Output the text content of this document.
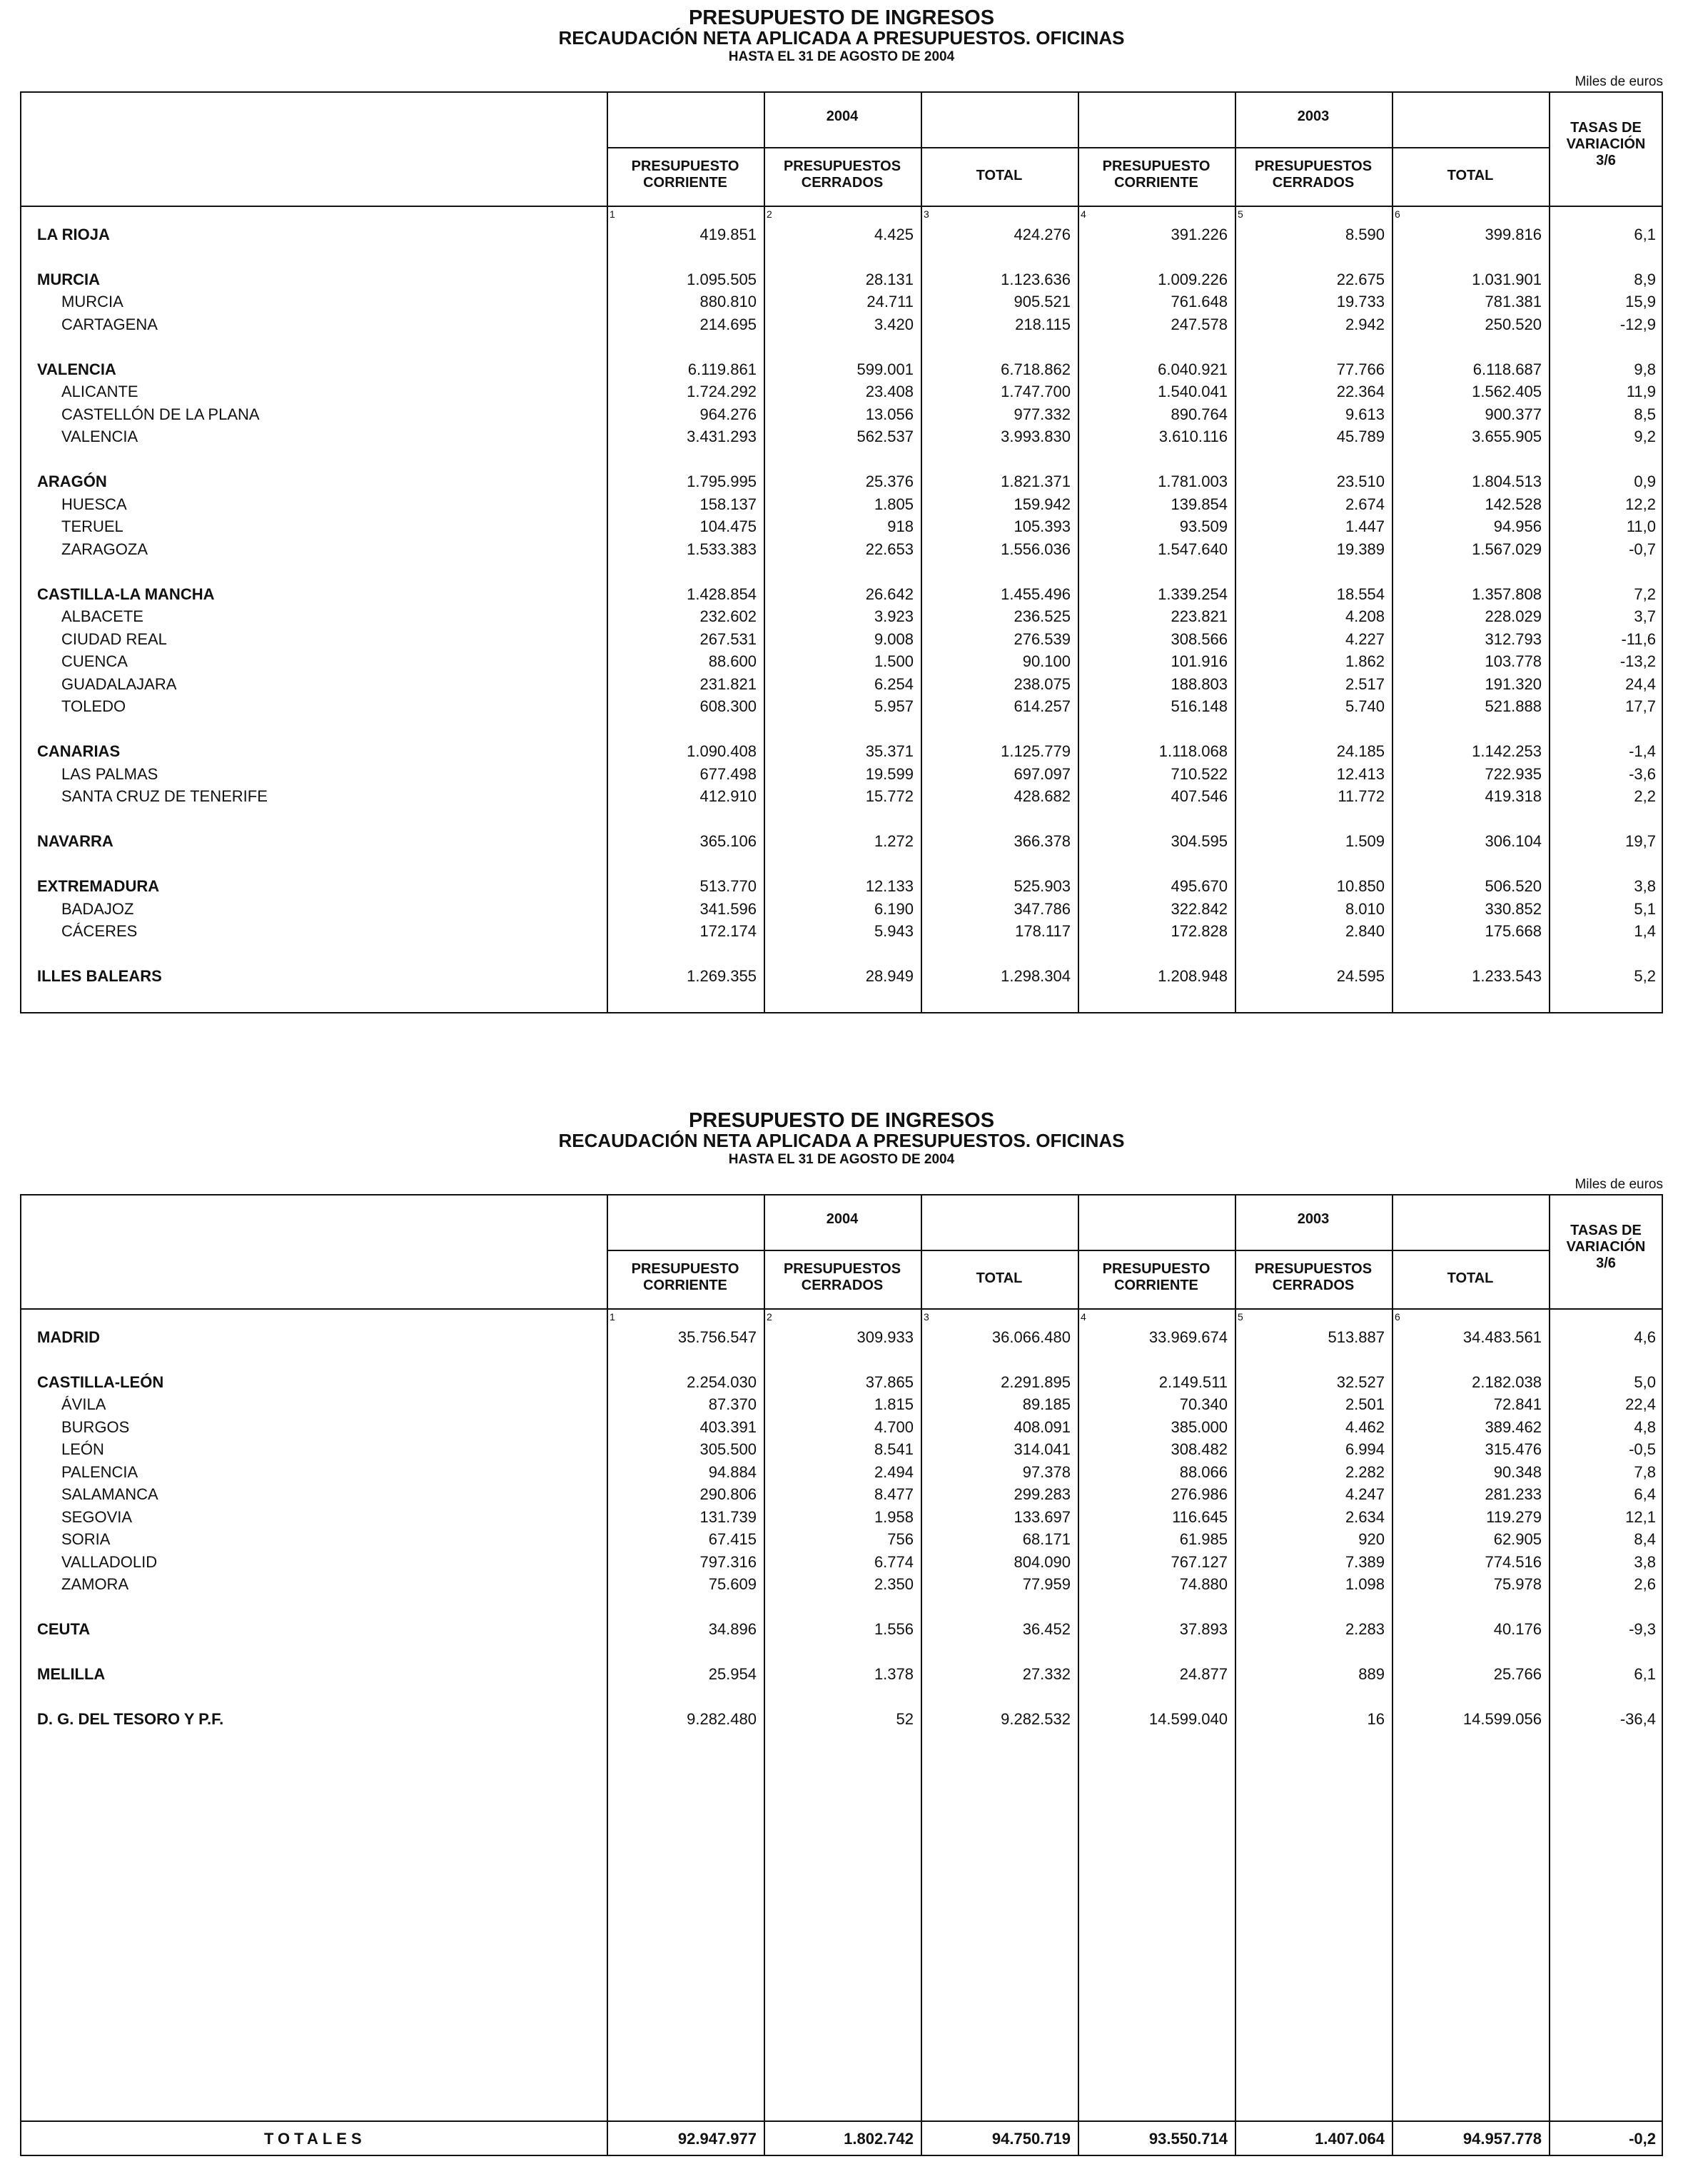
PRESUPUESTO DE INGRESOS

RECAUDACIÓN NETA APLICADA A PRESUPUESTOS. OFICINAS

HASTA EL 31 DE AGOSTO DE 2004

Miles de euros
2004	2003
PRESUPUESTO
CORRIENTE
PRESUPUESTOS
CERRADOS	TOTAL
PRESUPUESTO
CORRIENTE
PRESUPUESTOS
CERRADOS	TOTAL
TASAS DE
VARIACIÓN
3/6
1	2	3	4	5	6
LA RIOJA	419.851	4.425	424.276	391.226	8.590	399.816	6,1
MURCIA	1.095.505	28.131	1.123.636	1.009.226	22.675	1.031.901	8,9
MURCIA	880.810	24.711	905.521	761.648	19.733	781.381	15,9
CARTAGENA	214.695	3.420	218.115	247.578	2.942	250.520	-12,9
VALENCIA	6.119.861	599.001	6.718.862	6.040.921	77.766	6.118.687	9,8
ALICANTE	1.724.292	23.408	1.747.700	1.540.041	22.364	1.562.405	11,9
CASTELLÓN DE LA PLANA	964.276	13.056	977.332	890.764	9.613	900.377	8,5
VALENCIA	3.431.293	562.537	3.993.830	3.610.116	45.789	3.655.905	9,2
ARAGÓN	1.795.995	25.376	1.821.371	1.781.003	23.510	1.804.513	0,9
HUESCA	158.137	1.805	159.942	139.854	2.674	142.528	12,2
TERUEL	104.475	918	105.393	93.509	1.447	94.956	11,0
ZARAGOZA	1.533.383	22.653	1.556.036	1.547.640	19.389	1.567.029	-0,7
CASTILLA-LA MANCHA	1.428.854	26.642	1.455.496	1.339.254	18.554	1.357.808	7,2
ALBACETE	232.602	3.923	236.525	223.821	4.208	228.029	3,7
CIUDAD REAL	267.531	9.008	276.539	308.566	4.227	312.793	-11,6
CUENCA	88.600	1.500	90.100	101.916	1.862	103.778	-13,2
GUADALAJARA	231.821	6.254	238.075	188.803	2.517	191.320	24,4
TOLEDO	608.300	5.957	614.257	516.148	5.740	521.888	17,7
CANARIAS	1.090.408	35.371	1.125.779	1.118.068	24.185	1.142.253	-1,4
LAS PALMAS	677.498	19.599	697.097	710.522	12.413	722.935	-3,6
SANTA CRUZ DE TENERIFE	412.910	15.772	428.682	407.546	11.772	419.318	2,2
NAVARRA	365.106	1.272	366.378	304.595	1.509	306.104	19,7
EXTREMADURA	513.770	12.133	525.903	495.670	10.850	506.520	3,8
BADAJOZ	341.596	6.190	347.786	322.842	8.010	330.852	5,1
CÁCERES	172.174	5.943	178.117	172.828	2.840	175.668	1,4
ILLES BALEARS	1.269.355	28.949	1.298.304	1.208.948	24.595	1.233.543	5,2

PRESUPUESTO DE INGRESOS

RECAUDACIÓN NETA APLICADA A PRESUPUESTOS. OFICINAS

HASTA EL 31 DE AGOSTO DE 2004

Miles de euros
2004	2003
PRESUPUESTO
CORRIENTE
PRESUPUESTOS
CERRADOS	TOTAL
PRESUPUESTO
CORRIENTE
PRESUPUESTOS
CERRADOS	TOTAL
TASAS DE
VARIACIÓN
3/6
1	2	3	4	5	6
MADRID	35.756.547	309.933	36.066.480	33.969.674	513.887	34.483.561	4,6
CASTILLA-LEÓN	2.254.030	37.865	2.291.895	2.149.511	32.527	2.182.038	5,0
ÁVILA	87.370	1.815	89.185	70.340	2.501	72.841	22,4
BURGOS	403.391	4.700	408.091	385.000	4.462	389.462	4,8
LEÓN	305.500	8.541	314.041	308.482	6.994	315.476	-0,5
PALENCIA	94.884	2.494	97.378	88.066	2.282	90.348	7,8
SALAMANCA	290.806	8.477	299.283	276.986	4.247	281.233	6,4
SEGOVIA	131.739	1.958	133.697	116.645	2.634	119.279	12,1
SORIA	67.415	756	68.171	61.985	920	62.905	8,4
VALLADOLID	797.316	6.774	804.090	767.127	7.389	774.516	3,8
ZAMORA	75.609	2.350	77.959	74.880	1.098	75.978	2,6
CEUTA	34.896	1.556	36.452	37.893	2.283	40.176	-9,3
MELILLA	25.954	1.378	27.332	24.877	889	25.766	6,1
D. G. DEL TESORO Y P.F.	9.282.480	52	9.282.532	14.599.040	16	14.599.056	-36,4
TOTALES	92.947.977	1.802.742	94.750.719	93.550.714	1.407.064	94.957.778	-0,2
